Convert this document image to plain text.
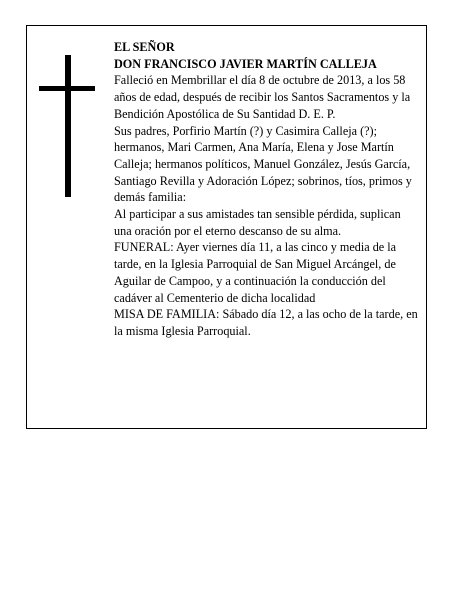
EL SEÑOR

DON FRANCISCO JAVIER MARTÍN CALLEJA

Falleció en Membrillar el día 8 de octubre de 2013, a los 58 años de edad, después de recibir los Santos Sacramentos y la Bendición Apostólica de Su Santidad D. E. P.

Sus padres, Porfirio Martín (?) y Casimira Calleja (?); hermanos, Mari Carmen, Ana María, Elena y Jose Martín Calleja; hermanos políticos, Manuel González, Jesús García, Santiago Revilla y Adoración López; sobrinos, tíos, primos y demás familia:

Al participar a sus amistades tan sensible pérdida, suplican una oración por el eterno descanso de su alma.

FUNERAL: Ayer viernes día 11, a las cinco y media de la tarde, en la Iglesia Parroquial de San Miguel Arcángel, de Aguilar de Campoo, y a continuación la conducción del cadáver al Cementerio de dicha localidad

MISA DE FAMILIA: Sábado día 12, a las ocho de la tarde, en la misma Iglesia Parroquial.
